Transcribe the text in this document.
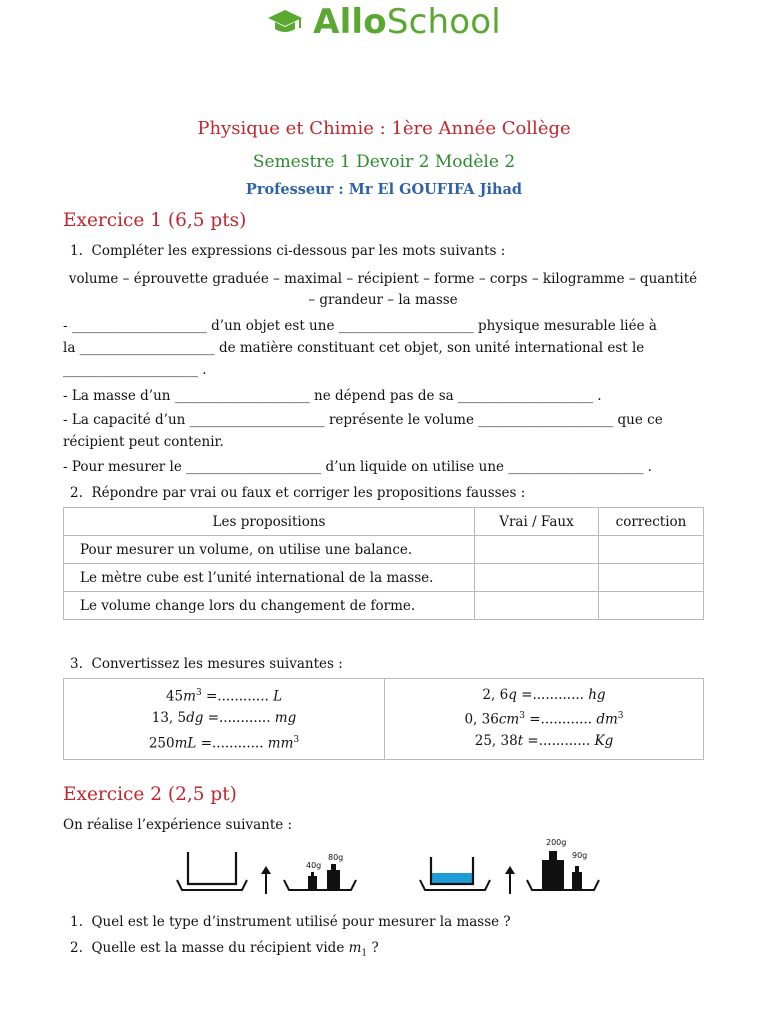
AlloSchool
Physique et Chimie : 1ère Année Collège
Semestre 1 Devoir 2 Modèle 2
Professeur : Mr El GOUFIFA Jihad
Exercice 1 (6,5 pts)
1. Compléter les expressions ci-dessous par les mots suivants :
volume – éprouvette graduée – maximal – récipient – forme – corps – kilogramme – quantité
– grandeur – la masse
- ____________________ d’un objet est une ____________________ physique mesurable liée à
la ____________________ de matière constituant cet objet, son unité international est le
____________________ .
- La masse d’un ____________________ ne dépend pas de sa ____________________ .
- La capacité d’un ____________________ représente le volume ____________________ que ce
récipient peut contenir.
- Pour mesurer le ____________________ d’un liquide on utilise une ____________________ .
2. Répondre par vrai ou faux et corriger les propositions fausses :
Les propositions	Vrai / Faux	correction
Pour mesurer un volume, on utilise une balance.		
Le mètre cube est l’unité international de la masse.		
Le volume change lors du changement de forme.		
3. Convertissez les mesures suivantes :
$45m^3$ =............ L
13, 5dg =............ mg
250mL =............ $mm^3$

2, 6q =............ hg
0, $36cm^3$ =............ $dm^3$
25, 38t =............ Kg
Exercice 2 (2,5 pt)
On réalise l’expérience suivante :
40g
80g
200g
90g
1. Quel est le type d’instrument utilisé pour mesurer la masse ?
2. Quelle est la masse du récipient vide $m_1$ ?
